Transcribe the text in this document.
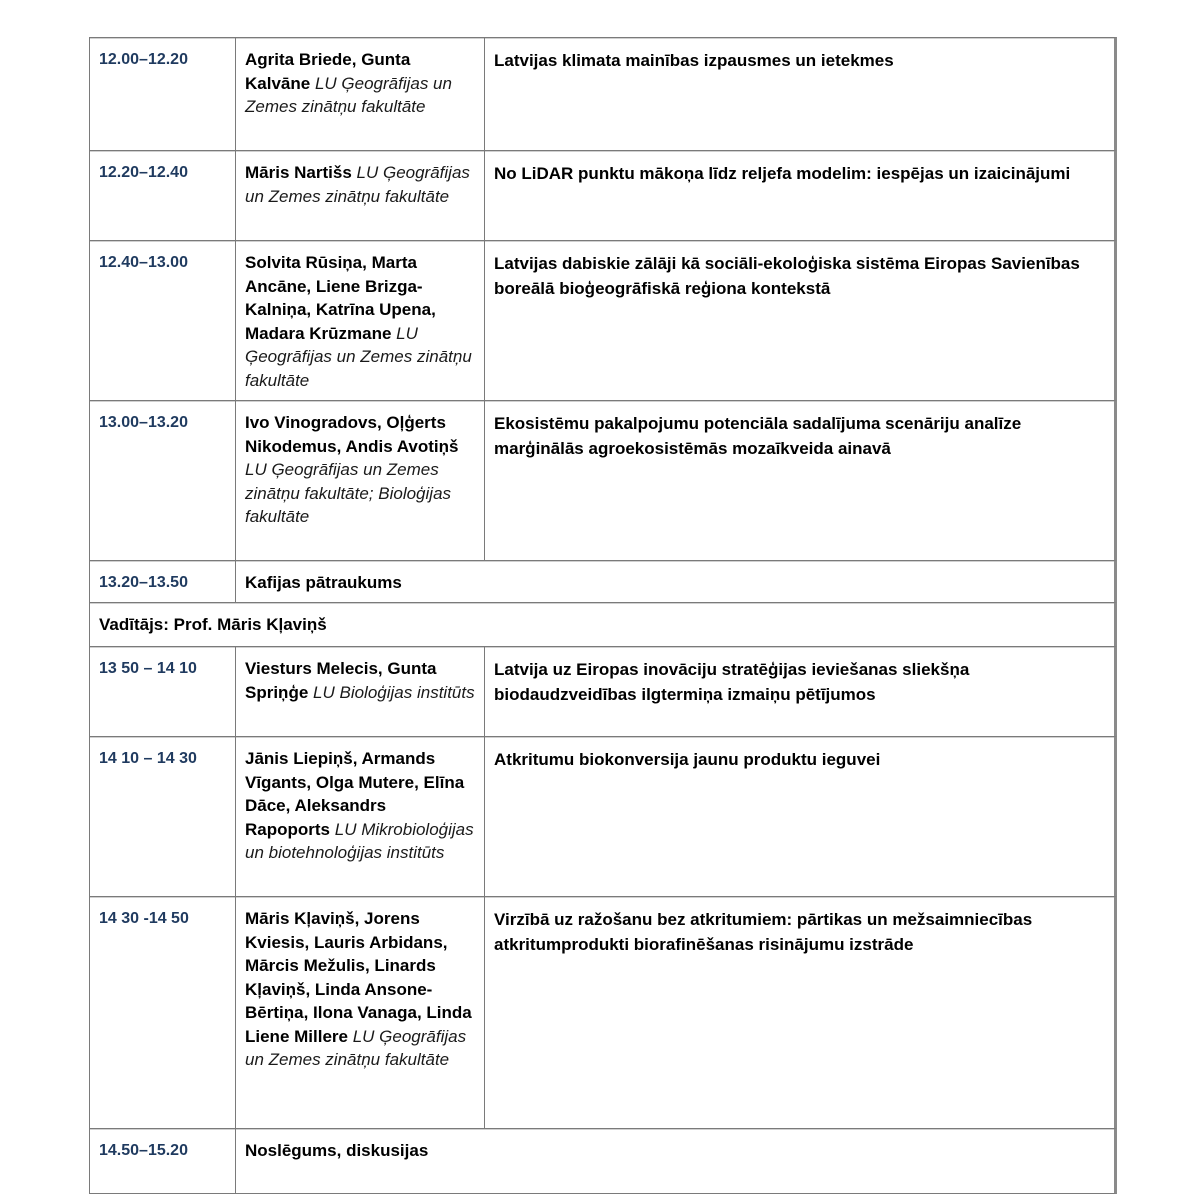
12.00–12.20	Agrita Briede, Gunta Kalvāne LU Ģeogrāfijas un Zemes zinātņu fakultāte	Latvijas klimata mainības izpausmes un ietekmes
12.20–12.40	Māris Nartišs LU Ģeogrāfijas un Zemes zinātņu fakultāte	No LiDAR punktu mākoņa līdz reljefa modelim: iespējas un izaicinājumi
12.40–13.00	Solvita Rūsiņa, Marta Ancāne, Liene Brizga-Kalniņa, Katrīna Upena, Madara Krūzmane LU Ģeogrāfijas un Zemes zinātņu fakultāte	Latvijas dabiskie zālāji kā sociāli-ekoloģiska sistēma Eiropas Savienības boreālā bioģeogrāfiskā reģiona kontekstā
13.00–13.20	Ivo Vinogradovs, Oļģerts Nikodemus, Andis Avotiņš LU Ģeogrāfijas un Zemes zinātņu fakultāte; Bioloģijas fakultāte	Ekosistēmu pakalpojumu potenciāla sadalījuma scenāriju analīze marģinālās agroekosistēmās mozaīkveida ainavā
13.20–13.50	Kafijas pātraukums	
Vadītājs: Prof. Māris Kļaviņš		
13 50 – 14 10	Viesturs Melecis, Gunta Spriņģe LU Bioloģijas institūts	Latvija uz Eiropas inovāciju stratēģijas ieviešanas sliekšņa biodaudzveidības ilgtermiņa izmaiņu pētījumos
14 10 – 14 30	Jānis Liepiņš, Armands Vīgants, Olga Mutere, Elīna Dāce, Aleksandrs Rapoports LU Mikrobioloģijas un biotehnoloģijas institūts	Atkritumu biokonversija jaunu produktu ieguvei
14 30 -14 50	Māris Kļaviņš, Jorens Kviesis, Lauris Arbidans, Mārcis Mežulis, Linards Kļaviņš, Linda Ansone-Bērtiņa, Ilona Vanaga, Linda Liene Millere LU Ģeogrāfijas un Zemes zinātņu fakultāte	Virzībā uz ražošanu bez atkritumiem: pārtikas un mežsaimniecības atkritumprodukti biorafinēšanas risinājumu izstrāde
14.50–15.20	Noslēgums, diskusijas	
